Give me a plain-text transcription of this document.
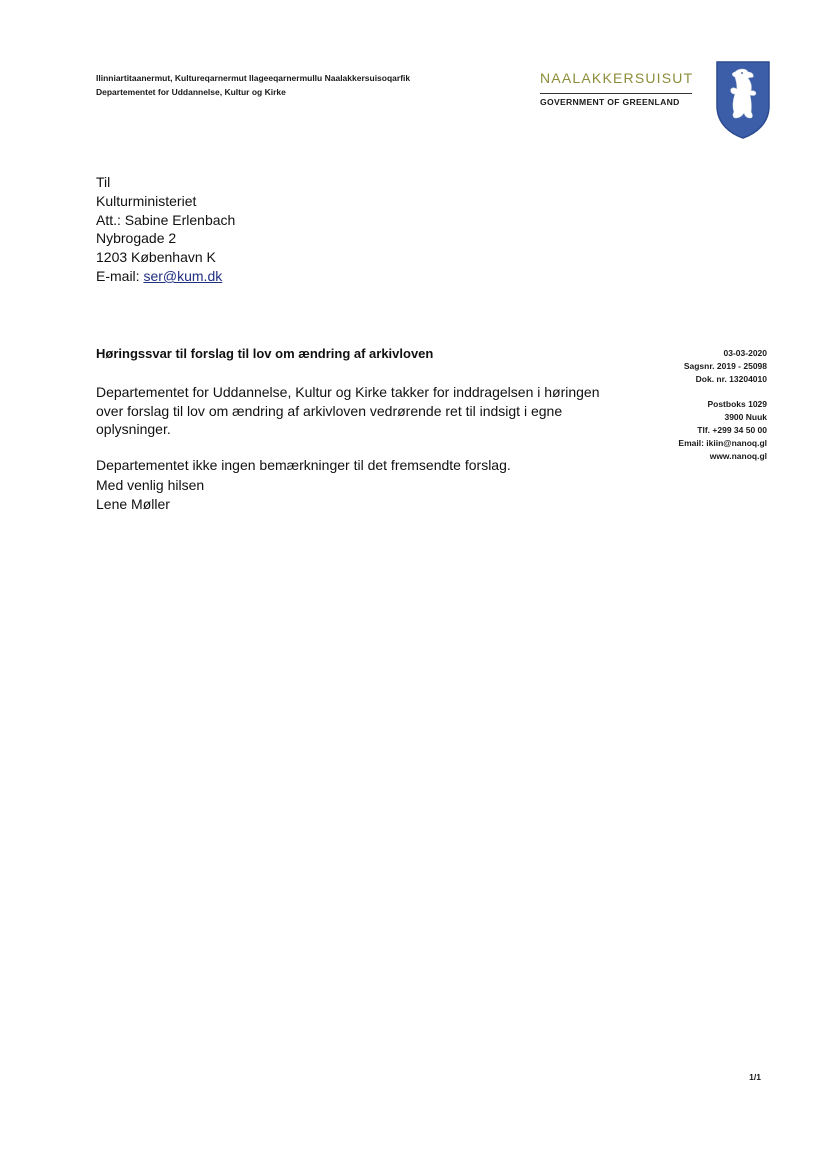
Ilinniartitaanermut, Kultureqarnermut Ilageeqarnermullu Naalakkersuisoqarfik
Departementet for Uddannelse, Kultur og Kirke
NAALAKKERSUISUT
GOVERNMENT OF GREENLAND
Til
Kulturministeriet
Att.: Sabine Erlenbach
Nybrogade 2
1203 København K
E-mail: ser@kum.dk
Høringssvar til forslag til lov om ændring af arkivloven

Departementet for Uddannelse, Kultur og Kirke takker for inddragelsen i høringen over forslag til lov om ændring af arkivloven vedrørende ret til indsigt i egne oplysninger.

Departementet ikke ingen bemærkninger til det fremsendte forslag.

Med venlig hilsen
Lene Møller
03-03-2020
Sagsnr. 2019 - 25098
Dok. nr. 13204010
Postboks 1029
3900 Nuuk
Tlf. +299 34 50 00
Email: ikiin@nanoq.gl
www.nanoq.gl
1/1
